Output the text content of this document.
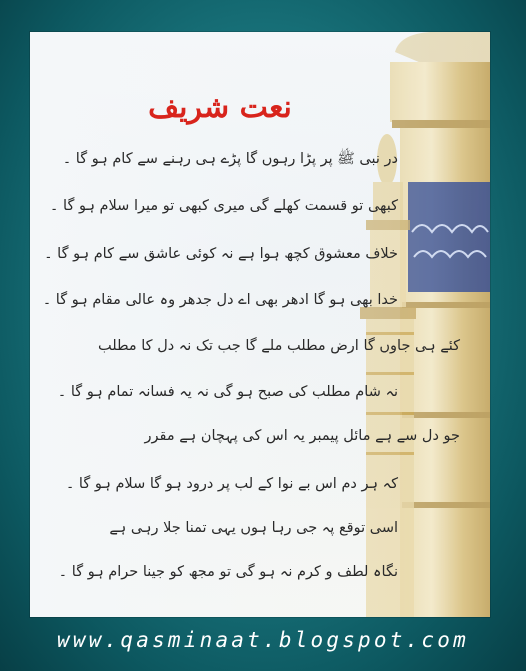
نعت شریف
در نبی ﷺ پر پڑا رہوں گا پڑے ہی رہنے سے کام ہو گا ۔
کبھی تو قسمت کھلے گی میری کبھی تو میرا سلام ہو گا ۔
خلاف معشوق کچھ ہوا ہے نہ کوئی عاشق سے کام ہو گا ۔
خدا بھی ہو گا ادھر بھی اے دل جدھر وہ عالی مقام ہو گا ۔
کئے ہی جاوں گا ارض مطلب ملے گا جب تک نہ دل کا مطلب
نہ شام مطلب کی صبح ہو گی نہ یہ فسانہ تمام ہو گا ۔
جو دل سے ہے مائل پیمبر یہ اس کی پہچان ہے مقرر
کہ ہر دم اس بے نوا کے لب پر درود ہو گا سلام ہو گا ۔
اسی توقع پہ جی رہا ہوں یہی تمنا جلا رہی ہے
نگاہ لطف و کرم نہ ہو گی تو مجھ کو جینا حرام ہو گا ۔
www.qasminaat.blogspot.com
